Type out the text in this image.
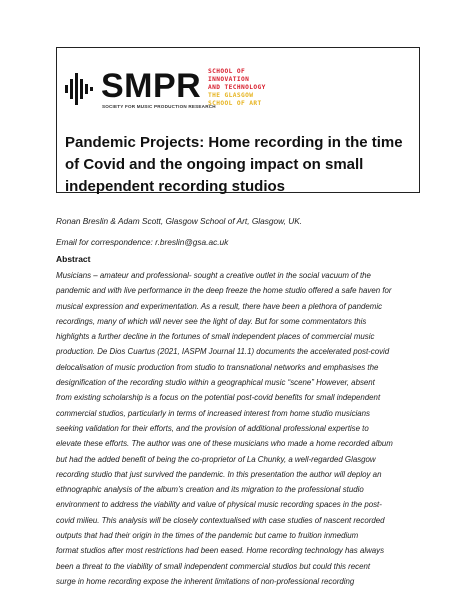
SMPR
SOCIETY FOR MUSIC PRODUCTION RESEARCH
SCHOOL OF
INNOVATION
AND TECHNOLOGY
THE GLASGOW
SCHOOL OF ART
Pandemic Projects: Home recording in the time
of Covid and the ongoing impact on small
independent recording studios
Ronan Breslin & Adam Scott, Glasgow School of Art, Glasgow, UK.
Email for correspondence: r.breslin@gsa.ac.uk
Abstract
Musicians – amateur and professional- sought a creative outlet in the social vacuum of the
pandemic and with live performance in the deep freeze the home studio offered a safe haven for
musical expression and experimentation. As a result, there have been a plethora of pandemic
recordings, many of which will never see the light of day. But for some commentators this
highlights a further decline in the fortunes of small independent places of commercial music
production. De Dios Cuartus (2021, IASPM Journal 11.1) documents the accelerated post-covid
delocalisation of music production from studio to transnational networks and emphasises the
designification of the recording studio within a geographical music “scene” However, absent
from existing scholarship is a focus on the potential post-covid benefits for small independent
commercial studios, particularly in terms of increased interest from home studio musicians
seeking validation for their efforts, and the provision of additional professional expertise to
elevate these efforts. The author was one of these musicians who made a home recorded album
but had the added benefit of being the co-proprietor of La Chunky, a well-regarded Glasgow
recording studio that just survived the pandemic. In this presentation the author will deploy an
ethnographic analysis of the album’s creation and its migration to the professional studio
environment to address the viability and value of physical music recording spaces in the post-
covid milieu. This analysis will be closely contextualised with case studies of nascent recorded
outputs that had their origin in the times of the pandemic but came to fruition inmedium
format studios after most restrictions had been eased. Home recording technology has always
been a threat to the viability of small independent commercial studios but could this recent
surge in home recording expose the inherent limitations of non-professional recording
